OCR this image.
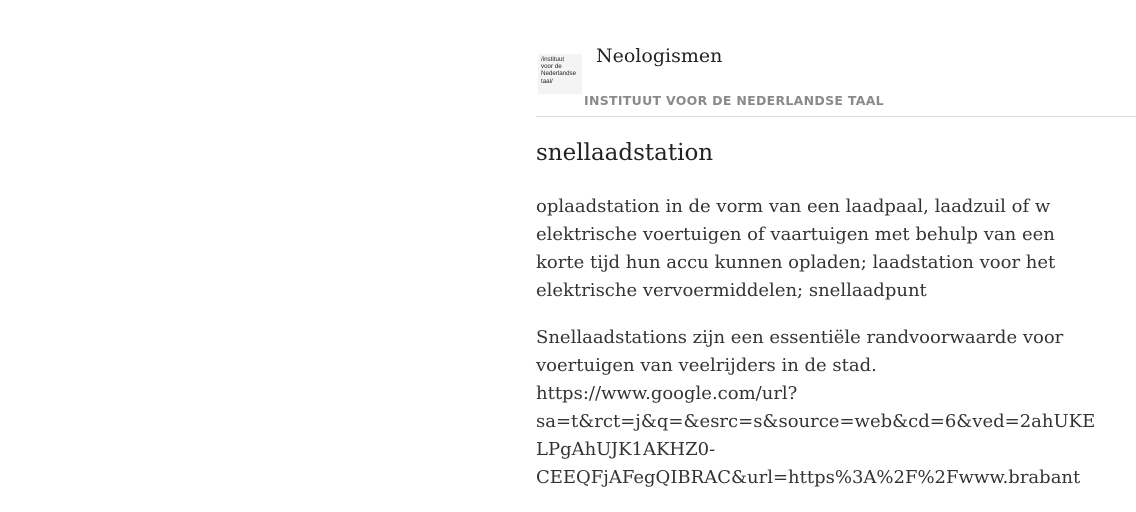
/instituut
voor de
Nederlandse
taal/
Neologismen
INSTITUUT VOOR DE NEDERLANDSE TAAL
snellaadstation

oplaadstation in de vorm van een laadpaal, laadzuil of w
elektrische voertuigen of vaartuigen met behulp van een
korte tijd hun accu kunnen opladen; laadstation voor het
elektrische vervoermiddelen; snellaadpunt

Snellaadstations zijn een essentiële randvoorwaarde voor
voertuigen van veelrijders in de stad.
https://www.google.com/url?
sa=t&rct=j&q=&esrc=s&source=web&cd=6&ved=2ahUKE
LPgAhUJK1AKHZ0-
CEEQFjAFegQIBRAC&url=https%3A%2F%2Fwww.brabant
